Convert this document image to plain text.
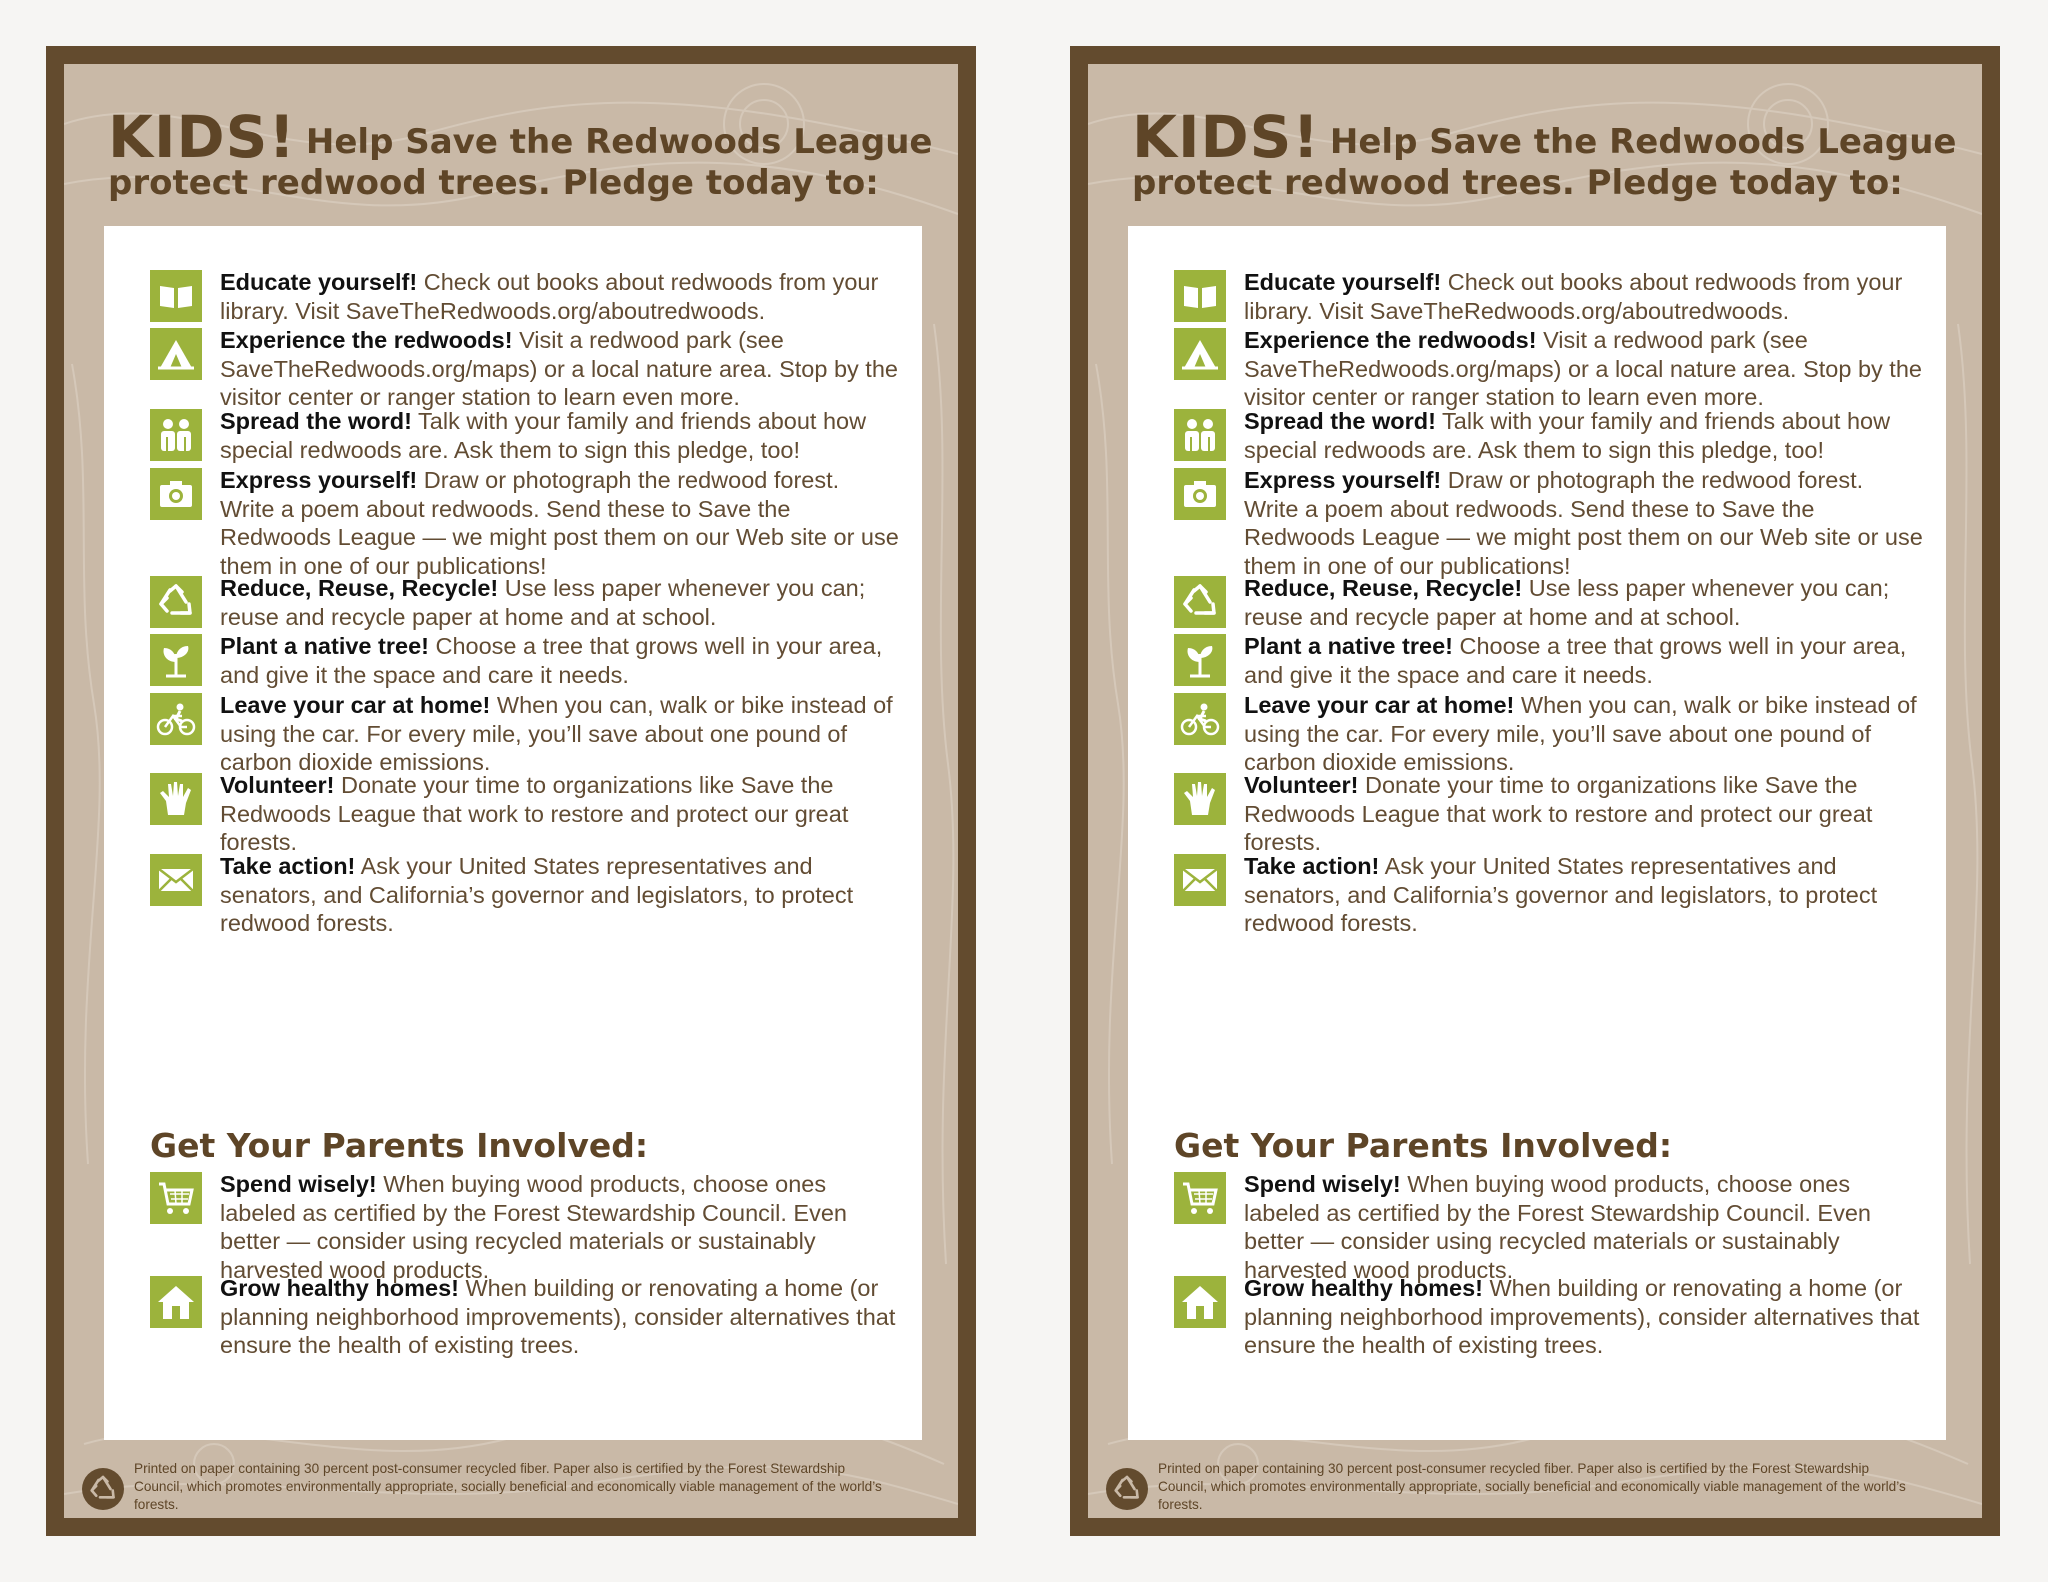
KIDS! Help Save the Redwoods League
protect redwood trees. Pledge today to:
Educate yourself! Check out books about redwoods from your library. Visit SaveTheRedwoods.org/aboutredwoods.
Experience the redwoods! Visit a redwood park (see SaveTheRedwoods.org/maps) or a local nature area. Stop by the visitor center or ranger station to learn even more.
Spread the word! Talk with your family and friends about how special redwoods are. Ask them to sign this pledge, too!
Express yourself! Draw or photograph the redwood forest. Write a poem about redwoods. Send these to Save the Redwoods League — we might post them on our Web site or use them in one of our publications!
Reduce, Reuse, Recycle! Use less paper whenever you can; reuse and recycle paper at home and at school.
Plant a native tree! Choose a tree that grows well in your area, and give it the space and care it needs.
Leave your car at home! When you can, walk or bike instead of using the car. For every mile, you’ll save about one pound of carbon dioxide emissions.
Volunteer! Donate your time to organizations like Save the Redwoods League that work to restore and protect our great forests.
Take action! Ask your United States representatives and senators, and California’s governor and legislators, to protect redwood forests.
Get Your Parents Involved:
Spend wisely! When buying wood products, choose ones labeled as certified by the Forest Stewardship Council. Even better — consider using recycled materials or sustainably harvested wood products.
Grow healthy homes! When building or renovating a home (or planning neighborhood improvements), consider alternatives that ensure the health of existing trees.
Printed on paper containing 30 percent post-consumer recycled fiber. Paper also is certified by the Forest Stewardship Council, which promotes environmentally appropriate, socially beneficial and economically viable management of the world’s forests.
KIDS! Help Save the Redwoods League
protect redwood trees. Pledge today to:
Educate yourself! Check out books about redwoods from your library. Visit SaveTheRedwoods.org/aboutredwoods.
Experience the redwoods! Visit a redwood park (see SaveTheRedwoods.org/maps) or a local nature area. Stop by the visitor center or ranger station to learn even more.
Spread the word! Talk with your family and friends about how special redwoods are. Ask them to sign this pledge, too!
Express yourself! Draw or photograph the redwood forest. Write a poem about redwoods. Send these to Save the Redwoods League — we might post them on our Web site or use them in one of our publications!
Reduce, Reuse, Recycle! Use less paper whenever you can; reuse and recycle paper at home and at school.
Plant a native tree! Choose a tree that grows well in your area, and give it the space and care it needs.
Leave your car at home! When you can, walk or bike instead of using the car. For every mile, you’ll save about one pound of carbon dioxide emissions.
Volunteer! Donate your time to organizations like Save the Redwoods League that work to restore and protect our great forests.
Take action! Ask your United States representatives and senators, and California’s governor and legislators, to protect redwood forests.
Get Your Parents Involved:
Spend wisely! When buying wood products, choose ones labeled as certified by the Forest Stewardship Council. Even better — consider using recycled materials or sustainably harvested wood products.
Grow healthy homes! When building or renovating a home (or planning neighborhood improvements), consider alternatives that ensure the health of existing trees.
Printed on paper containing 30 percent post-consumer recycled fiber. Paper also is certified by the Forest Stewardship Council, which promotes environmentally appropriate, socially beneficial and economically viable management of the world’s forests.
